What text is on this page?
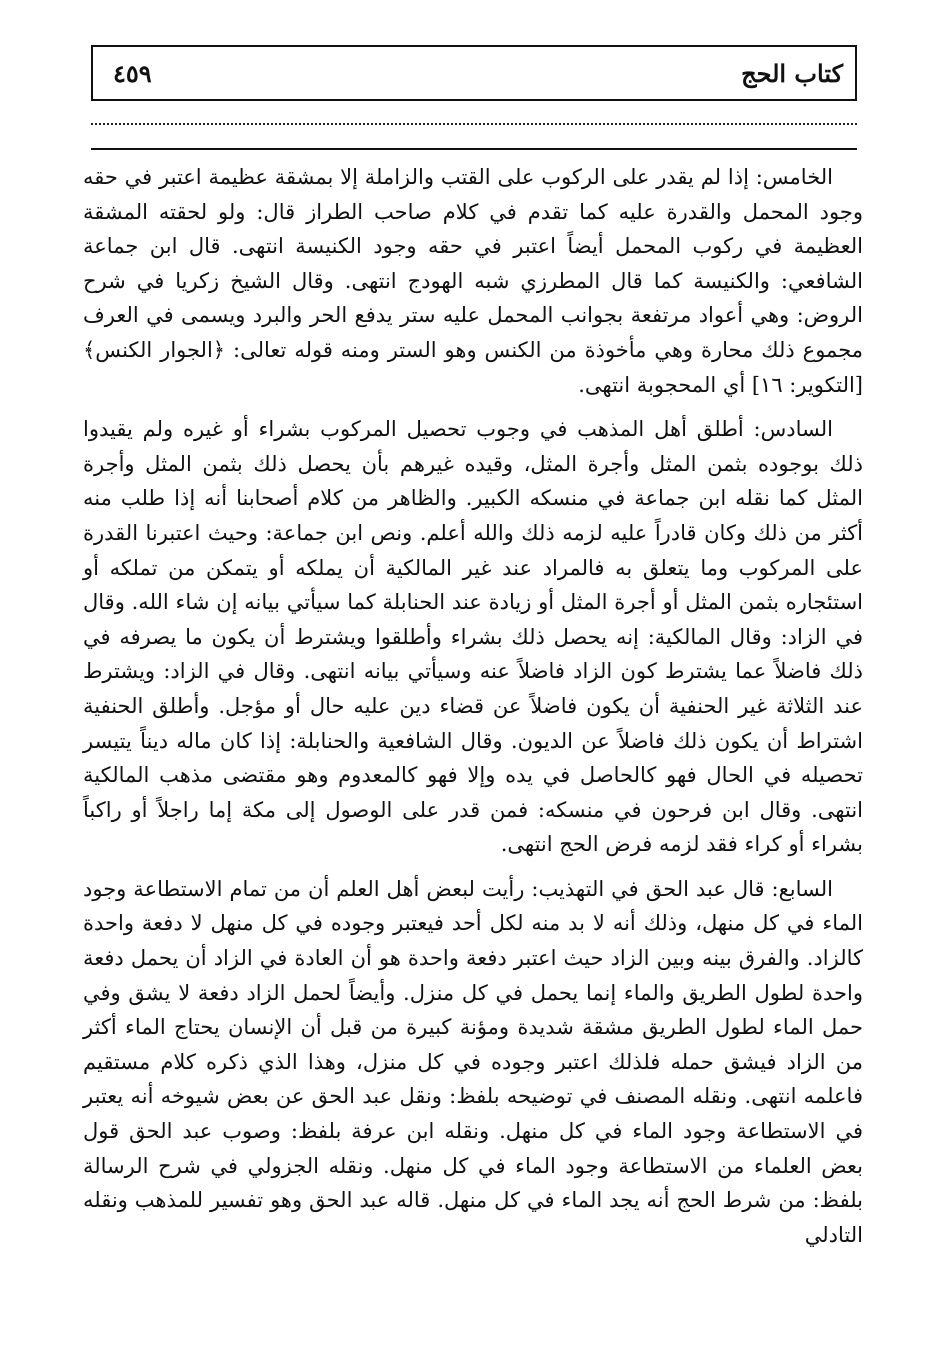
كتاب الحج
٤٥٩

الخامس: إذا لم يقدر على الركوب على القتب والزاملة إلا بمشقة عظيمة اعتبر في حقه وجود المحمل والقدرة عليه كما تقدم في كلام صاحب الطراز قال: ولو لحقته المشقة العظيمة في ركوب المحمل أيضاً اعتبر في حقه وجود الكنيسة انتهى. قال ابن جماعة الشافعي: والكنيسة كما قال المطرزي شبه الهودج انتهى. وقال الشيخ زكريا في شرح الروض: وهي أعواد مرتفعة بجوانب المحمل عليه ستر يدفع الحر والبرد ويسمى في العرف مجموع ذلك محارة وهي مأخوذة من الكنس وهو الستر ومنه قوله تعالى: ﴿الجوار الكنس﴾ [التكوير: ١٦] أي المحجوبة انتهى.

السادس: أطلق أهل المذهب في وجوب تحصيل المركوب بشراء أو غيره ولم يقيدوا ذلك بوجوده بثمن المثل وأجرة المثل، وقيده غيرهم بأن يحصل ذلك بثمن المثل وأجرة المثل كما نقله ابن جماعة في منسكه الكبير. والظاهر من كلام أصحابنا أنه إذا طلب منه أكثر من ذلك وكان قادراً عليه لزمه ذلك والله أعلم. ونص ابن جماعة: وحيث اعتبرنا القدرة على المركوب وما يتعلق به فالمراد عند غير المالكية أن يملكه أو يتمكن من تملكه أو استئجاره بثمن المثل أو أجرة المثل أو زيادة عند الحنابلة كما سيأتي بيانه إن شاء الله. وقال في الزاد: وقال المالكية: إنه يحصل ذلك بشراء وأطلقوا ويشترط أن يكون ما يصرفه في ذلك فاضلاً عما يشترط كون الزاد فاضلاً عنه وسيأتي بيانه انتهى. وقال في الزاد: ويشترط عند الثلاثة غير الحنفية أن يكون فاضلاً عن قضاء دين عليه حال أو مؤجل. وأطلق الحنفية اشتراط أن يكون ذلك فاضلاً عن الديون. وقال الشافعية والحنابلة: إذا كان ماله ديناً يتيسر تحصيله في الحال فهو كالحاصل في يده وإلا فهو كالمعدوم وهو مقتضى مذهب المالكية انتهى. وقال ابن فرحون في منسكه: فمن قدر على الوصول إلى مكة إما راجلاً أو راكباً بشراء أو كراء فقد لزمه فرض الحج انتهى.

السابع: قال عبد الحق في التهذيب: رأيت لبعض أهل العلم أن من تمام الاستطاعة وجود الماء في كل منهل، وذلك أنه لا بد منه لكل أحد فيعتبر وجوده في كل منهل لا دفعة واحدة كالزاد. والفرق بينه وبين الزاد حيث اعتبر دفعة واحدة هو أن العادة في الزاد أن يحمل دفعة واحدة لطول الطريق والماء إنما يحمل في كل منزل. وأيضاً لحمل الزاد دفعة لا يشق وفي حمل الماء لطول الطريق مشقة شديدة ومؤنة كبيرة من قبل أن الإنسان يحتاج الماء أكثر من الزاد فيشق حمله فلذلك اعتبر وجوده في كل منزل، وهذا الذي ذكره كلام مستقيم فاعلمه انتهى. ونقله المصنف في توضيحه بلفظ: ونقل عبد الحق عن بعض شيوخه أنه يعتبر في الاستطاعة وجود الماء في كل منهل. ونقله ابن عرفة بلفظ: وصوب عبد الحق قول بعض العلماء من الاستطاعة وجود الماء في كل منهل. ونقله الجزولي في شرح الرسالة بلفظ: من شرط الحج أنه يجد الماء في كل منهل. قاله عبد الحق وهو تفسير للمذهب ونقله التادلي
